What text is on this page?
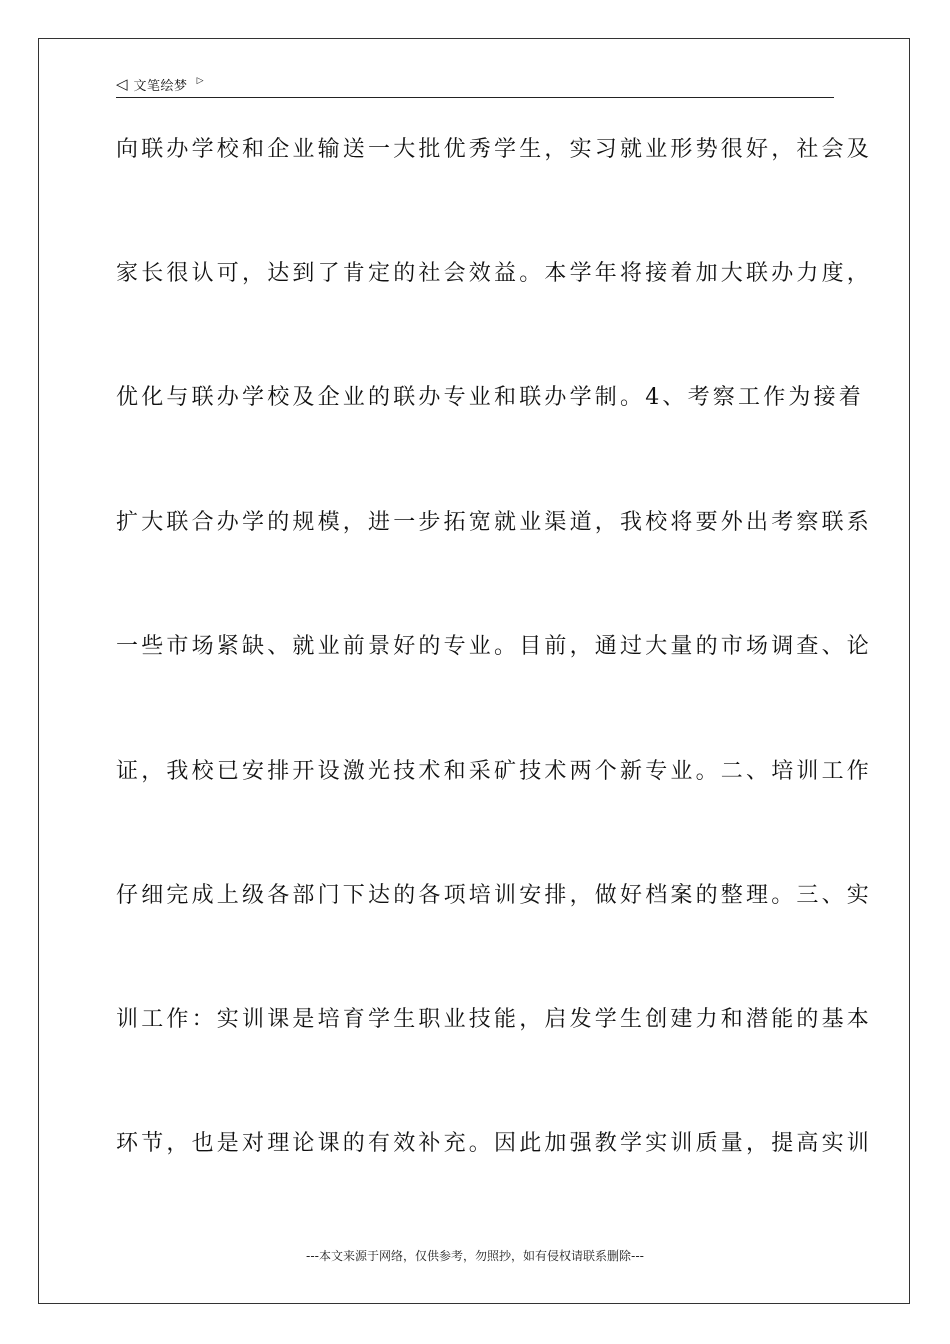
◁ 文笔绘梦 ▷
向联办学校和企业输送一大批优秀学生，实习就业形势很好，社会及
家长很认可，达到了肯定的社会效益。本学年将接着加大联办力度，
优化与联办学校及企业的联办专业和联办学制。4、考察工作为接着
扩大联合办学的规模，进一步拓宽就业渠道，我校将要外出考察联系
一些市场紧缺、就业前景好的专业。目前，通过大量的市场调查、论
证，我校已安排开设激光技术和采矿技术两个新专业。二、培训工作
仔细完成上级各部门下达的各项培训安排，做好档案的整理。三、实
训工作：实训课是培育学生职业技能，启发学生创建力和潜能的基本
环节，也是对理论课的有效补充。因此加强教学实训质量，提高实训
---本文来源于网络，仅供参考，勿照抄，如有侵权请联系删除---
